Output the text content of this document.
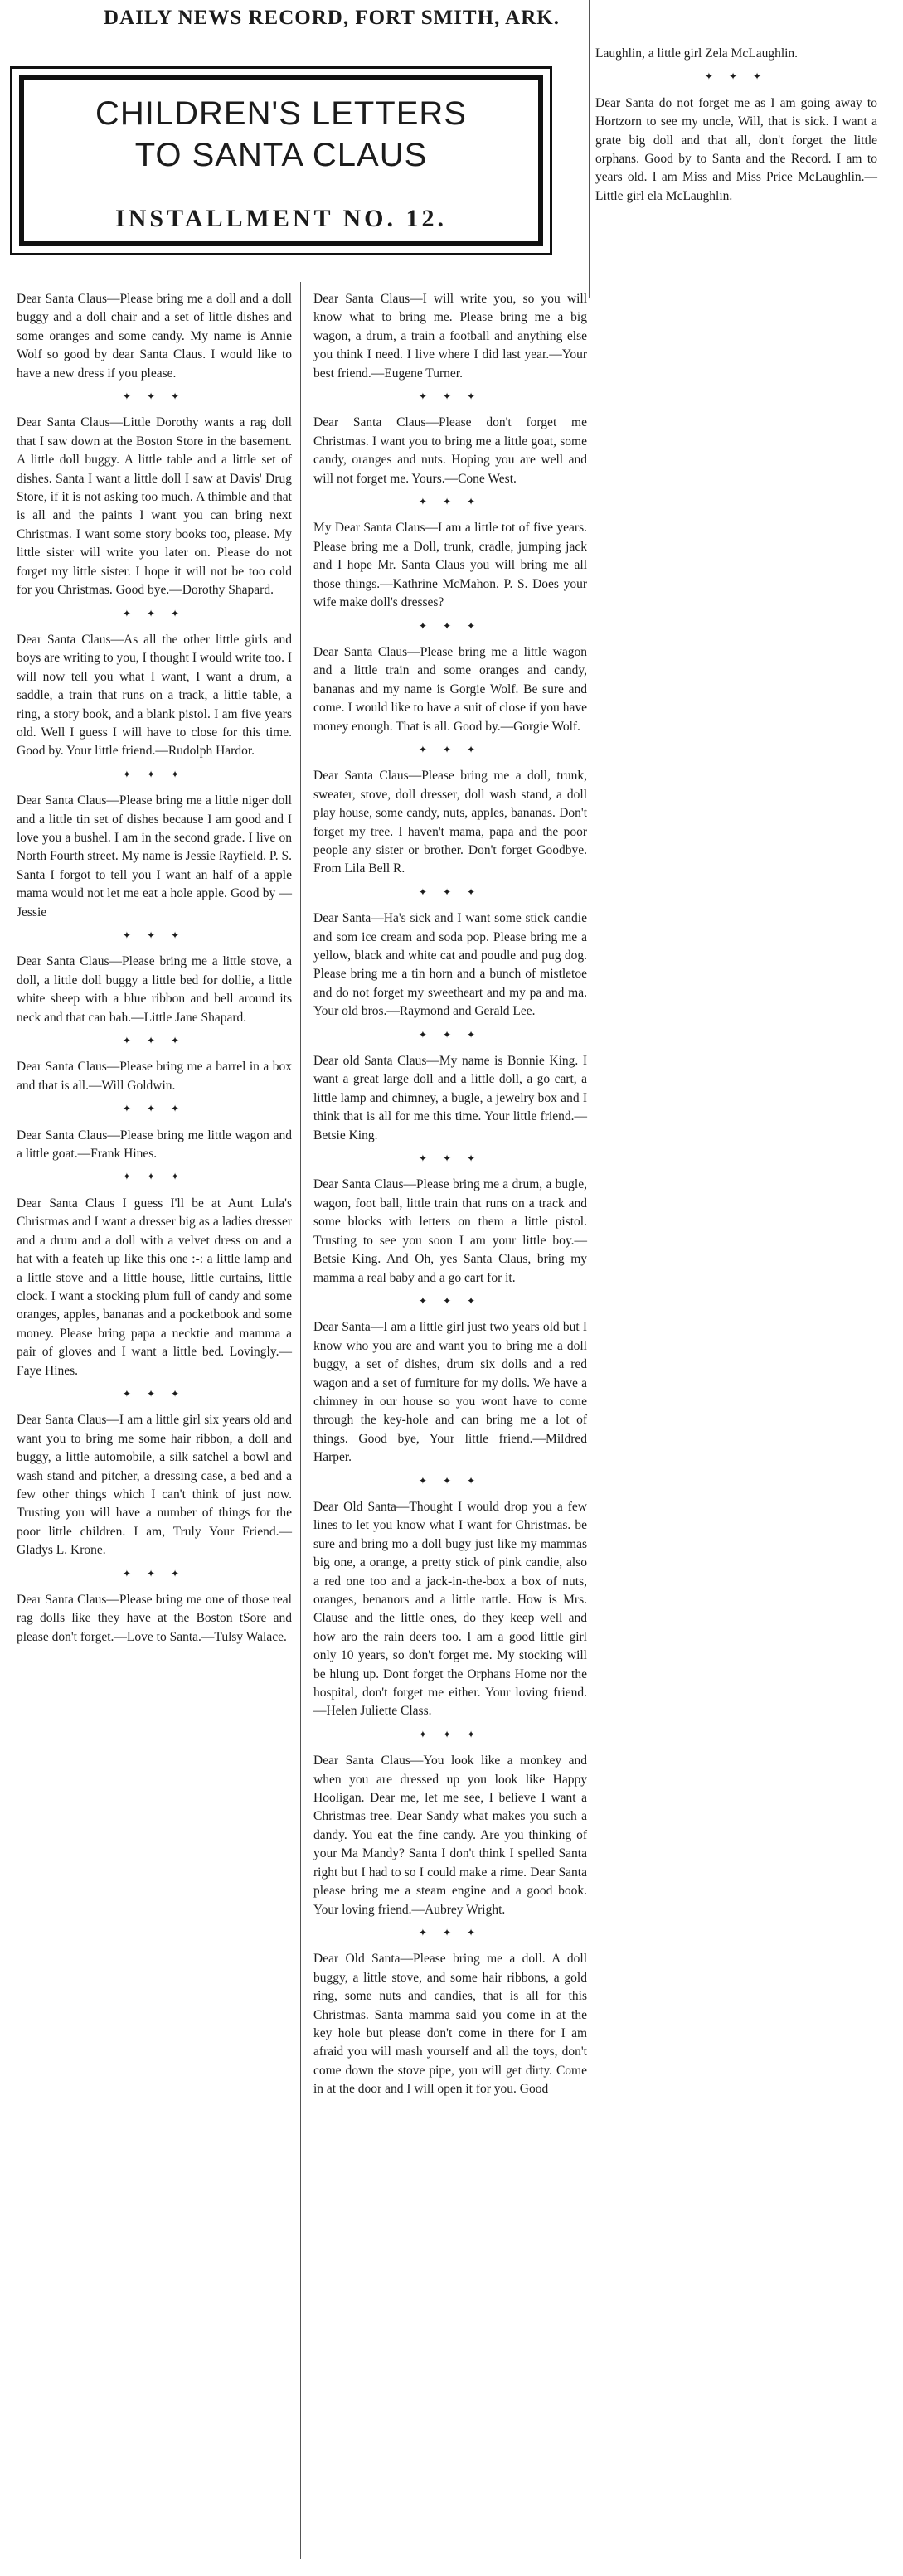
DAILY NEWS RECORD, FORT SMITH, ARK.
CHILDREN'S LETTERS
TO SANTA CLAUS
INSTALLMENT NO. 12.

Dear Santa Claus—Please bring me a doll and a doll buggy and a doll chair and a set of little dishes and some oranges and some candy. My name is Annie Wolf so good by dear Santa Claus. I would like to have a new dress if you please.

✦ ✦ ✦

Dear Santa Claus—Little Dorothy wants a rag doll that I saw down at the Boston Store in the basement. A little doll buggy. A little table and a little set of dishes. Santa I want a little doll I saw at Davis' Drug Store, if it is not asking too much. A thimble and that is all and the paints I want you can bring next Christmas. I want some story books too, please. My little sister will write you later on. Please do not forget my little sister. I hope it will not be too cold for you Christmas. Good bye.—Dorothy Shapard.

✦ ✦ ✦

Dear Santa Claus—As all the other little girls and boys are writing to you, I thought I would write too. I will now tell you what I want, I want a drum, a saddle, a train that runs on a track, a little table, a ring, a story book, and a blank pistol. I am five years old. Well I guess I will have to close for this time. Good by. Your little friend.—Rudolph Hardor.

✦ ✦ ✦

Dear Santa Claus—Please bring me a little niger doll and a little tin set of dishes because I am good and I love you a bushel. I am in the second grade. I live on North Fourth street. My name is Jessie Rayfield. P. S. Santa I forgot to tell you I want an half of a apple mama would not let me eat a hole apple. Good by —Jessie

✦ ✦ ✦

Dear Santa Claus—Please bring me a little stove, a doll, a little doll buggy a little bed for dollie, a little white sheep with a blue ribbon and bell around its neck and that can bah.—Little Jane Shapard.

✦ ✦ ✦

Dear Santa Claus—Please bring me a barrel in a box and that is all.—Will Goldwin.

✦ ✦ ✦

Dear Santa Claus—Please bring me little wagon and a little goat.—Frank Hines.

✦ ✦ ✦

Dear Santa Claus I guess I'll be at Aunt Lula's Christmas and I want a dresser big as a ladies dresser and a drum and a doll with a velvet dress on and a hat with a feateh up like this one :-: a little lamp and a little stove and a little house, little curtains, little clock. I want a stocking plum full of candy and some oranges, apples, bananas and a pocketbook and some money. Please bring papa a necktie and mamma a pair of gloves and I want a little bed. Lovingly.—Faye Hines.

✦ ✦ ✦

Dear Santa Claus—I am a little girl six years old and want you to bring me some hair ribbon, a doll and buggy, a little automobile, a silk satchel a bowl and wash stand and pitcher, a dressing case, a bed and a few other things which I can't think of just now. Trusting you will have a number of things for the poor little children. I am, Truly Your Friend.—Gladys L. Krone.

✦ ✦ ✦

Dear Santa Claus—Please bring me one of those real rag dolls like they have at the Boston tSore and please don't forget.—Love to Santa.—Tulsy Walace.

Dear Santa Claus—I will write you, so you will know what to bring me. Please bring me a big wagon, a drum, a train a football and anything else you think I need. I live where I did last year.—Your best friend.—Eugene Turner.

✦ ✦ ✦

Dear Santa Claus—Please don't forget me Christmas. I want you to bring me a little goat, some candy, oranges and nuts. Hoping you are well and will not forget me. Yours.—Cone West.

✦ ✦ ✦

My Dear Santa Claus—I am a little tot of five years. Please bring me a Doll, trunk, cradle, jumping jack and I hope Mr. Santa Claus you will bring me all those things.—Kathrine McMahon. P. S. Does your wife make doll's dresses?

✦ ✦ ✦

Dear Santa Claus—Please bring me a little wagon and a little train and some oranges and candy, bananas and my name is Gorgie Wolf. Be sure and come. I would like to have a suit of close if you have money enough. That is all. Good by.—Gorgie Wolf.

✦ ✦ ✦

Dear Santa Claus—Please bring me a doll, trunk, sweater, stove, doll dresser, doll wash stand, a doll play house, some candy, nuts, apples, bananas. Don't forget my tree. I haven't mama, papa and the poor people any sister or brother. Don't forget Goodbye. From Lila Bell R.

✦ ✦ ✦

Dear Santa—Ha's sick and I want some stick candie and som ice cream and soda pop. Please bring me a yellow, black and white cat and poudle and pug dog. Please bring me a tin horn and a bunch of mistletoe and do not forget my sweetheart and my pa and ma. Your old bros.—Raymond and Gerald Lee.

✦ ✦ ✦

Dear old Santa Claus—My name is Bonnie King. I want a great large doll and a little doll, a go cart, a little lamp and chimney, a bugle, a jewelry box and I think that is all for me this time. Your little friend.—Betsie King.

✦ ✦ ✦

Dear Santa Claus—Please bring me a drum, a bugle, wagon, foot ball, little train that runs on a track and some blocks with letters on them a little pistol. Trusting to see you soon I am your little boy.—Betsie King. And Oh, yes Santa Claus, bring my mamma a real baby and a go cart for it.

✦ ✦ ✦

Dear Santa—I am a little girl just two years old but I know who you are and want you to bring me a doll buggy, a set of dishes, drum six dolls and a red wagon and a set of furniture for my dolls. We have a chimney in our house so you wont have to come through the key-hole and can bring me a lot of things. Good bye, Your little friend.—Mildred Harper.

✦ ✦ ✦

Dear Old Santa—Thought I would drop you a few lines to let you know what I want for Christmas. be sure and bring mo a doll bugy just like my mammas big one, a orange, a pretty stick of pink candie, also a red one too and a jack-in-the-box a box of nuts, oranges, benanors and a little rattle. How is Mrs. Clause and the little ones, do they keep well and how aro the rain deers too. I am a good little girl only 10 years, so don't forget me. My stocking will be hlung up. Dont forget the Orphans Home nor the hospital, don't forget me either. Your loving friend.—Helen Juliette Class.

✦ ✦ ✦

Dear Santa Claus—You look like a monkey and when you are dressed up you look like Happy Hooligan. Dear me, let me see, I believe I want a Christmas tree. Dear Sandy what makes you such a dandy. You eat the fine candy. Are you thinking of your Ma Mandy? Santa I don't think I spelled Santa right but I had to so I could make a rime. Dear Santa please bring me a steam engine and a good book. Your loving friend.—Aubrey Wright.

✦ ✦ ✦

Dear Old Santa—Please bring me a doll. A doll buggy, a little stove, and some hair ribbons, a gold ring, some nuts and candies, that is all for this Christmas. Santa mamma said you come in at the key hole but please don't come in there for I am afraid you will mash yourself and all the toys, don't come down the stove pipe, you will get dirty. Come in at the door and I will open it for you. Good

Laughlin, a little girl Zela McLaughlin.

✦ ✦ ✦

Dear Santa do not forget me as I am going away to Hortzorn to see my uncle, Will, that is sick. I want a grate big doll and that all, don't forget the little orphans. Good by to Santa and the Record. I am to years old. I am Miss and Miss Price McLaughlin.—Little girl ela McLaughlin.
